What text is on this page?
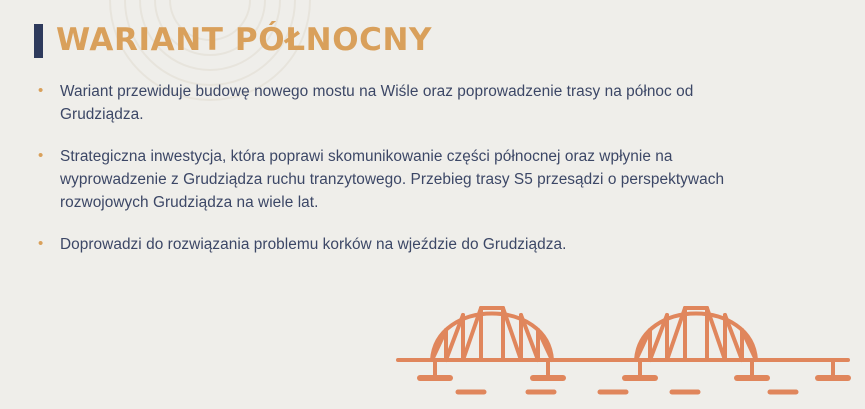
WARIANT PÓŁNOCNY
•	Wariant przewiduje budowę nowego mostu na Wiśle oraz poprowadzenie trasy na północ od Grudziądza.
•	Strategiczna inwestycja, która poprawi skomunikowanie części północnej oraz wpłynie na wyprowadzenie z Grudziądza ruchu tranzytowego. Przebieg trasy S5 przesądzi o perspektywach rozwojowych Grudziądza na wiele lat.
•	Doprowadzi do rozwiązania problemu korków na wjeździe do Grudziądza.
